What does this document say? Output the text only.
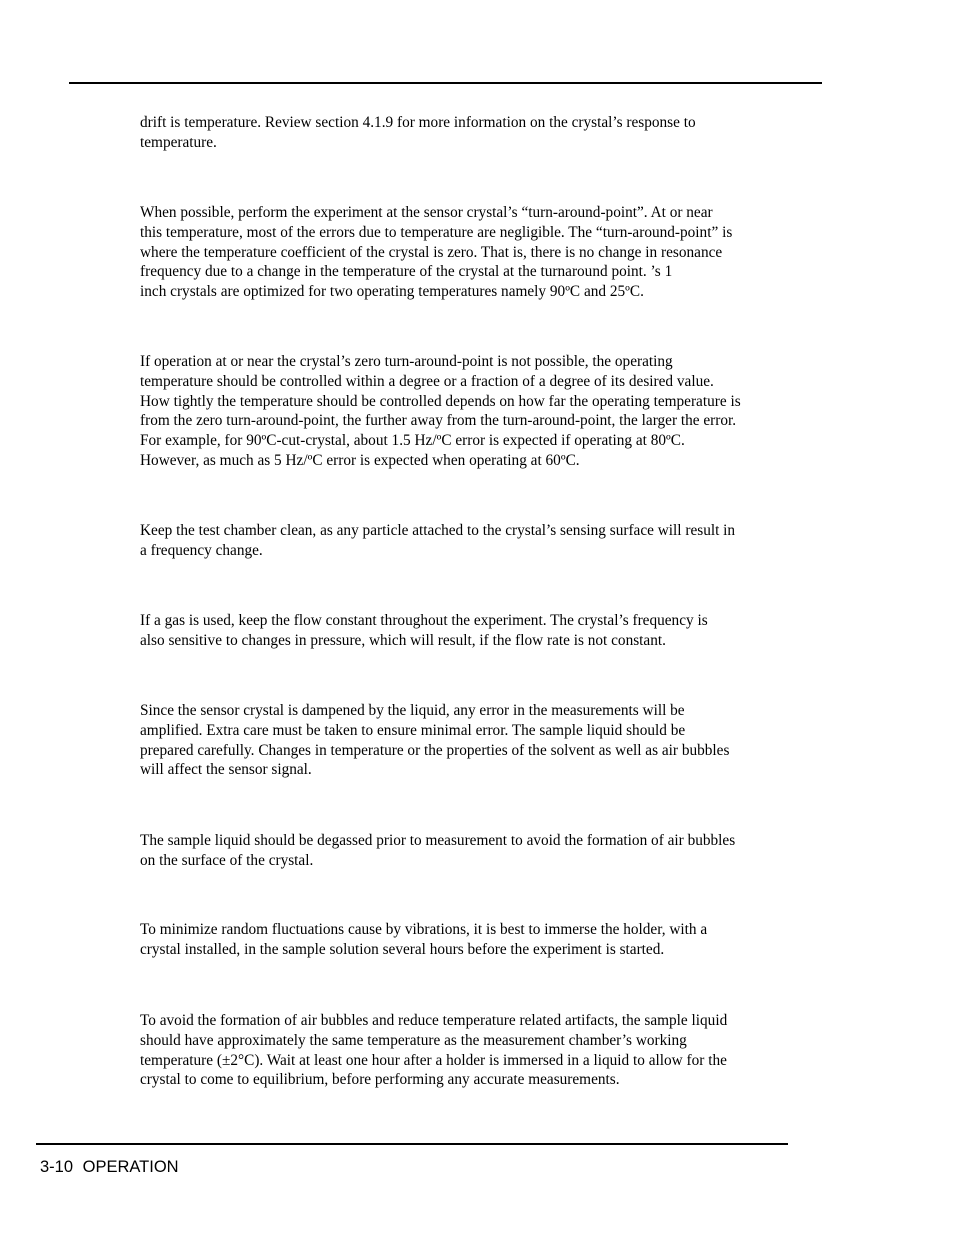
drift is temperature. Review section 4.1.9 for more information on the crystal’s response to
temperature.

When possible, perform the experiment at the sensor crystal’s “turn-around-point”. At or near
this temperature, most of the errors due to temperature are negligible. The “turn-around-point” is
where the temperature coefficient of the crystal is zero. That is, there is no change in resonance
frequency due to a change in the temperature of the crystal at the turnaround point. ’s 1
inch crystals are optimized for two operating temperatures namely 90ºC and 25ºC.

If operation at or near the crystal’s zero turn-around-point is not possible, the operating
temperature should be controlled within a degree or a fraction of a degree of its desired value.
How tightly the temperature should be controlled depends on how far the operating temperature is
from the zero turn-around-point, the further away from the turn-around-point, the larger the error.
For example, for 90ºC-cut-crystal, about 1.5 Hz/ºC error is expected if operating at 80ºC.
However, as much as 5 Hz/ºC error is expected when operating at 60ºC.

Keep the test chamber clean, as any particle attached to the crystal’s sensing surface will result in
a frequency change.

If a gas is used, keep the flow constant throughout the experiment. The crystal’s frequency is
also sensitive to changes in pressure, which will result, if the flow rate is not constant.

Since the sensor crystal is dampened by the liquid, any error in the measurements will be
amplified. Extra care must be taken to ensure minimal error. The sample liquid should be
prepared carefully. Changes in temperature or the properties of the solvent as well as air bubbles
will affect the sensor signal.

The sample liquid should be degassed prior to measurement to avoid the formation of air bubbles
on the surface of the crystal.

To minimize random fluctuations cause by vibrations, it is best to immerse the holder, with a
crystal installed, in the sample solution several hours before the experiment is started.

To avoid the formation of air bubbles and reduce temperature related artifacts, the sample liquid
should have approximately the same temperature as the measurement chamber’s working
temperature (±2°C). Wait at least one hour after a holder is immersed in a liquid to allow for the
crystal to come to equilibrium, before performing any accurate measurements.

3-10 OPERATION
